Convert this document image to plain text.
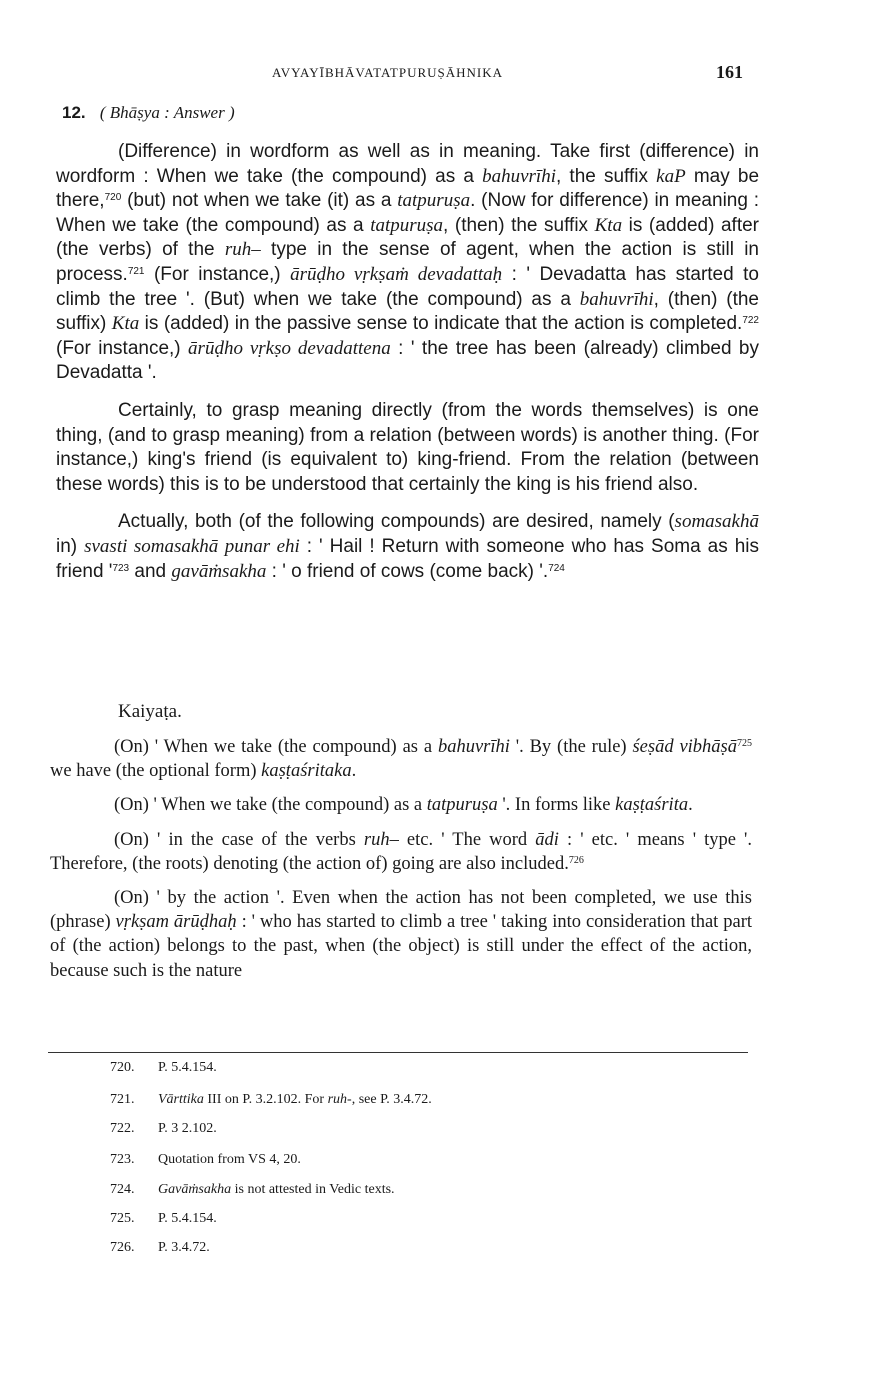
AVYAYĪBHĀVATATPURUṢĀHNIKA	161
12. ( Bhāṣya : Answer )

(Difference) in wordform as well as in meaning. Take first (difference) in wordform : When we take (the compound) as a bahuvrīhi, the suffix kaP may be there,$^{720}$ (but) not when we take (it) as a tatpuruṣa. (Now for difference) in meaning : When we take (the compound) as a tatpuruṣa, (then) the suffix Kta is (added) after (the verbs) of the ruh– type in the sense of agent, when the action is still in process.$^{721}$ (For instance,) ārūḍho vṛkṣaṁ devadattaḥ : ' Devadatta has started to climb the tree '. (But) when we take (the compound) as a bahuvrīhi, (then) (the suffix) Kta is (added) in the passive sense to indicate that the action is completed.$^{722}$ (For instance,) ārūḍho vṛkṣo devadattena : ' the tree has been (already) climbed by Devadatta '.

Certainly, to grasp meaning directly (from the words themselves) is one thing, (and to grasp meaning) from a relation (between words) is another thing. (For instance,) king's friend (is equivalent to) king-friend. From the relation (between these words) this is to be understood that certainly the king is his friend also.

Actually, both (of the following compounds) are desired, namely (somasakhā in) svasti somasakhā punar ehi : ' Hail ! Return with someone who has Soma as his friend '$^{723}$ and gavāṁsakha : ' o friend of cows (come back) '.$^{724}$

Kaiyaṭa.

(On) ' When we take (the compound) as a bahuvrīhi '. By (the rule) śeṣād vibhāṣā$^{725}$ we have (the optional form) kaṣṭaśritaka.

(On) ' When we take (the compound) as a tatpuruṣa '. In forms like kaṣṭaśrita.

(On) ' in the case of the verbs ruh– etc. ' The word ādi : ' etc. ' means ' type '. Therefore, (the roots) denoting (the action of) going are also included.$^{726}$

(On) ' by the action '. Even when the action has not been completed, we use this (phrase) vṛkṣam ārūḍhaḥ : ' who has started to climb a tree ' taking into consideration that part of (the action) belongs to the past, when (the object) is still under the effect of the action, because such is the nature

720. P. 5.4.154.
721. Vārttika III on P. 3.2.102. For ruh-, see P. 3.4.72.
722. P. 3 2.102.
723. Quotation from VS 4, 20.
724. Gavāṁsakha is not attested in Vedic texts.
725. P. 5.4.154.
726. P. 3.4.72.
